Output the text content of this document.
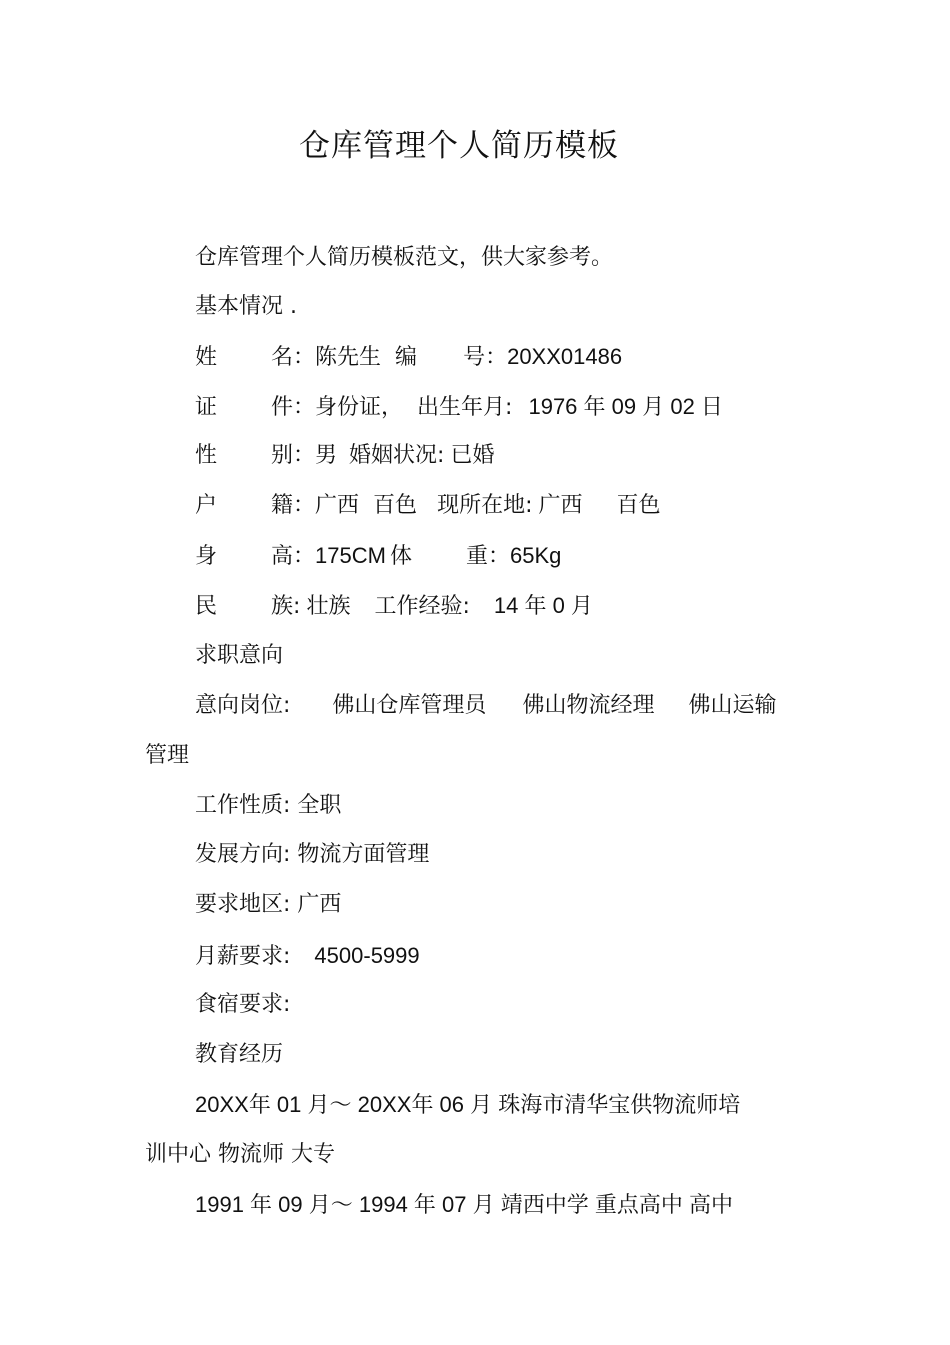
仓库管理个人简历模板
仓库管理个人简历模板范文，供大家参考。
基本情况 .
姓 名：陈先生 编 号：20XX01486
证 件：身份证， 出生年月: 1976 年 09 月 02 日
性 别：男 婚姻状况: 已婚
户 籍：广西 百色 现所在地: 广西 百色
身 高：175CM 体 重：65Kg
民 族: 壮族 工作经验: 14 年 0 月
求职意向
意向岗位: 佛山仓库管理员 佛山物流经理 佛山运输
管理
工作性质: 全职
发展方向: 物流方面管理
要求地区: 广西
月薪要求: 4500-5999
食宿要求:
教育经历
20XX年 01 月～ 20XX年 06 月 珠海市清华宝供物流师培
训中心 物流师 大专
1991 年 09 月～ 1994 年 07 月 靖西中学 重点高中 高中
